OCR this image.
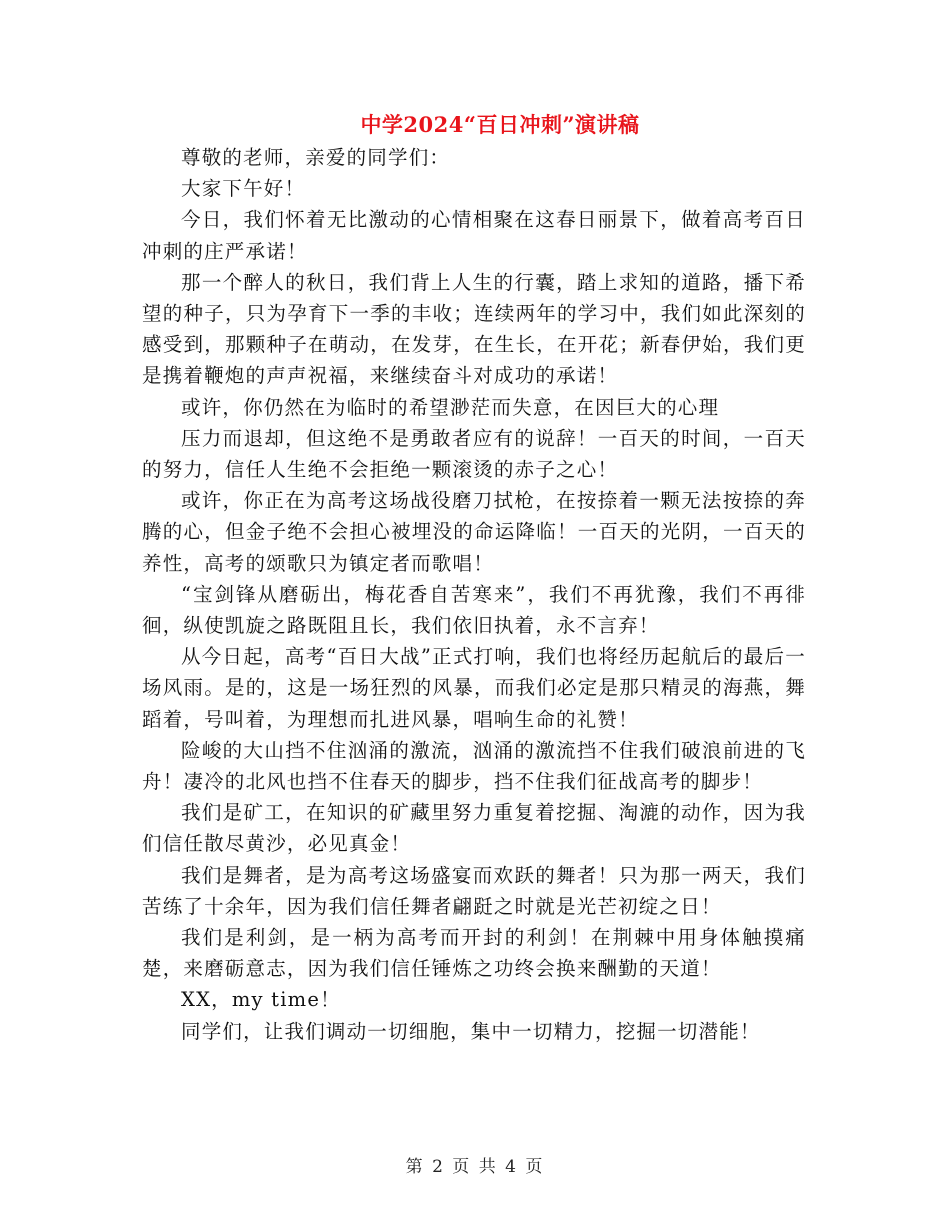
中学2024“百日冲刺”演讲稿

尊敬的老师，亲爱的同学们：

大家下午好！

今日，我们怀着无比激动的心情相聚在这春日丽景下，做着高考百日冲刺的庄严承诺！

那一个醉人的秋日，我们背上人生的行囊，踏上求知的道路，播下希望的种子，只为孕育下一季的丰收；连续两年的学习中，我们如此深刻的感受到，那颗种子在萌动，在发芽，在生长，在开花；新春伊始，我们更是携着鞭炮的声声祝福，来继续奋斗对成功的承诺！

或许，你仍然在为临时的希望渺茫而失意，在因巨大的心理

压力而退却，但这绝不是勇敢者应有的说辞！一百天的时间，一百天的努力，信任人生绝不会拒绝一颗滚烫的赤子之心！

或许，你正在为高考这场战役磨刀拭枪，在按捺着一颗无法按捺的奔腾的心，但金子绝不会担心被埋没的命运降临！一百天的光阴，一百天的养性，高考的颂歌只为镇定者而歌唱！

“宝剑锋从磨砺出，梅花香自苦寒来”，我们不再犹豫，我们不再徘徊，纵使凯旋之路既阻且长，我们依旧执着，永不言弃！

从今日起，高考“百日大战”正式打响，我们也将经历起航后的最后一场风雨。是的，这是一场狂烈的风暴，而我们必定是那只精灵的海燕，舞蹈着，号叫着，为理想而扎进风暴，唱响生命的礼赞！

险峻的大山挡不住汹涌的激流，汹涌的激流挡不住我们破浪前进的飞舟！凄冷的北风也挡不住春天的脚步，挡不住我们征战高考的脚步！

我们是矿工，在知识的矿藏里努力重复着挖掘、淘漉的动作，因为我们信任散尽黄沙，必见真金！

我们是舞者，是为高考这场盛宴而欢跃的舞者！只为那一两天，我们苦练了十余年，因为我们信任舞者翩跹之时就是光芒初绽之日！

我们是利剑，是一柄为高考而开封的利剑！在荆棘中用身体触摸痛楚，来磨砺意志，因为我们信任锤炼之功终会换来酬勤的天道！

XX，my time！

同学们，让我们调动一切细胞，集中一切精力，挖掘一切潜能！

第 2 页 共 4 页
